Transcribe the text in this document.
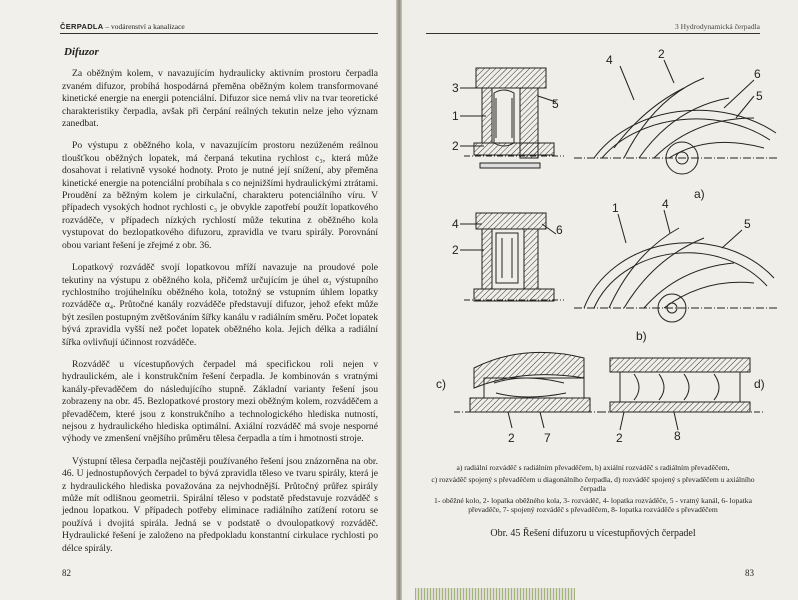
ČERPADLA – vodárenství a kanalizace
Difuzor

Za oběžným kolem, v navazujícím hydraulicky aktivním prostoru čerpadla zvaném difuzor, probíhá hospodárná přeměna oběžným kolem transformované kinetické energie na energii potenciální. Difuzor sice nemá vliv na tvar teoretické charakteristiky čerpadla, avšak při čerpání reálných tekutin nelze jeho význam zanedbat.

Po výstupu z oběžného kola, v navazujícím prostoru nezúženém reálnou tloušťkou oběžných lopatek, má čerpaná tekutina rychlost c₃, která může dosahovat i relativně vysoké hodnoty. Proto je nutné její snížení, aby přeměna kinetické energie na potenciální probíhala s co nejnižšími hydraulickými ztrátami. Proudění za běžným kolem je cirkulační, charakteru potenciálního víru. V případech vysokých hodnot rychlosti c₃ je obvykle zapotřebí použít lopatkového rozváděče, v případech nízkých rychlostí může tekutina z oběžného kola vystupovat do bezlopatkového difuzoru, zpravidla ve tvaru spirály. Porovnání obou variant řešení je zřejmé z obr. 36.

Lopatkový rozváděč svojí lopatkovou mříží navazuje na proudové pole tekutiny na výstupu z oběžného kola, přičemž určujícím je úhel α₃ výstupního rychlostního trojúhelníku oběžného kola, totožný se vstupním úhlem lopatky rozváděče α₄. Průtočné kanály rozváděče představují difuzor, jehož efekt může být zesílen postupným zvětšováním šířky kanálu v radiálním směru. Počet lopatek bývá zpravidla vyšší než počet lopatek oběžného kola. Jejich délka a radiální šířka ovlivňují účinnost rozváděče.

Rozváděč u vícestupňových čerpadel má specifickou roli nejen v hydraulickém, ale i konstrukčním řešení čerpadla. Je kombinován s vratnými kanály-převaděčem do následujícího stupně. Základní varianty řešení jsou zobrazeny na obr. 45. Bezlopatkové prostory mezi oběžným kolem, rozváděčem a převaděčem, které jsou z konstrukčního a technologického hlediska nutností, nejsou z hydraulického hlediska optimální. Axiální rozváděč má svoje nesporné výhody ve zmenšení vnějšího průměru tělesa čerpadla a tím i hmotnosti stroje.

Výstupní tělesa čerpadla nejčastěji používaného řešení jsou znázorněna na obr. 46. U jednostupňových čerpadel to bývá zpravidla těleso ve tvaru spirály, která je z hydraulického hlediska považována za nejvhodnější. Průtočný průřez spirály může mít odlišnou geometrii. Spirální těleso v podstatě představuje rozváděč s jednou lopatkou. V případech potřeby eliminace radiálního zatížení rotoru se používá i dvojitá spirála. Jedná se v podstatě o dvoulopatkový rozváděč. Hydraulické řešení je založeno na předpokladu konstantní cirkulace rychlosti po délce spirály.

82
3 Hydrodynamická čerpadla
3
1
2
5
4	2
6
5
a)
4	6
2
1	4
5
b)
c)	d)
2 7	2	8

a) radiální rozváděč s radiálním převaděčem, b) axiální rozváděč s radiálním převaděčem,

c) rozváděč spojený s převaděčem u diagonálního čerpadla, d) rozváděč spojený s převaděčem u axiálního čerpadla

1- oběžné kolo, 2- lopatka oběžného kola, 3- rozváděč, 4- lopatka rozváděče, 5 - vratný kanál, 6- lopatka převaděče, 7- spojený rozváděč s převaděčem, 8- lopatka rozváděče s převaděčem

Obr. 45 Řešení difuzoru u vícestupňových čerpadel
83
